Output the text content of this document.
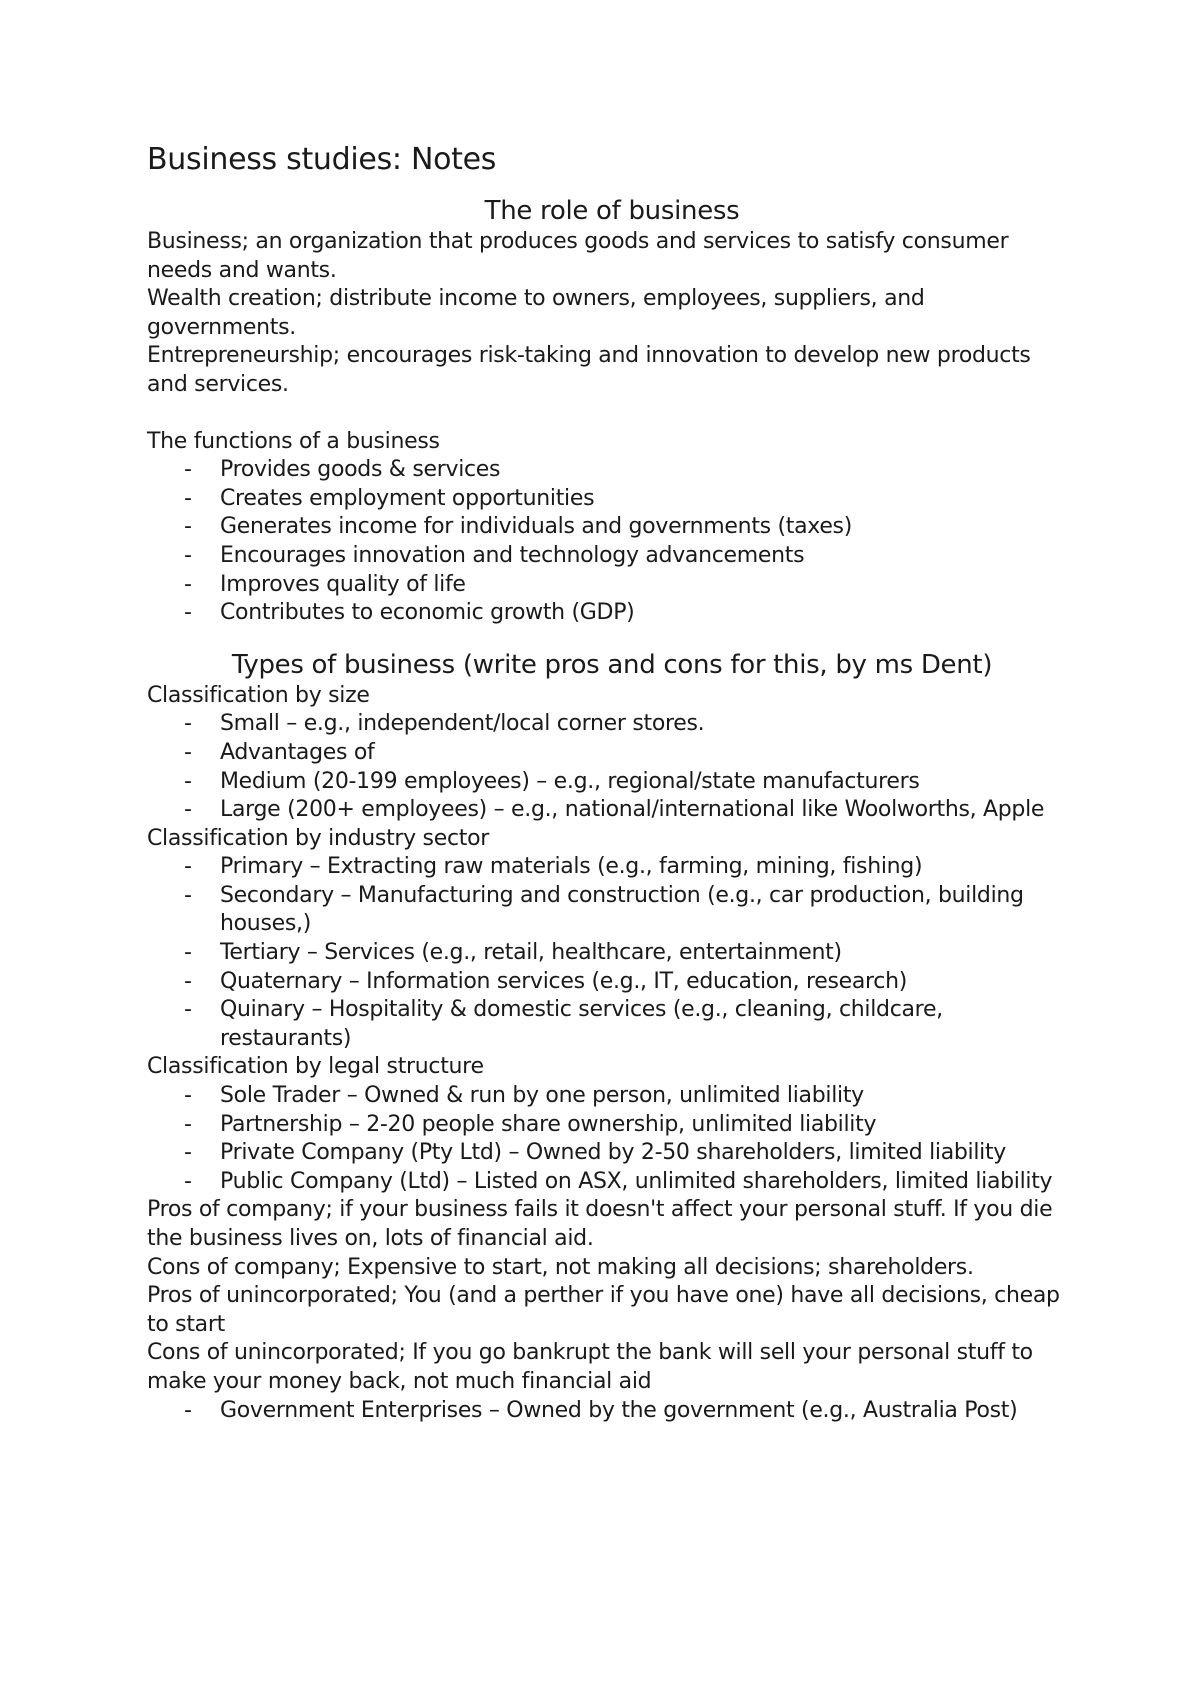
Business studies: Notes
The role of business

Business; an organization that produces goods and services to satisfy consumer needs and wants.

Wealth creation; distribute income to owners, employees, suppliers, and governments.

Entrepreneurship; encourages risk-taking and innovation to develop new products and services.

The functions of a business

- Provides goods & services
- Creates employment opportunities
- Generates income for individuals and governments (taxes)
- Encourages innovation and technology advancements
- Improves quality of life
- Contributes to economic growth (GDP)
Types of business (write pros and cons for this, by ms Dent)

Classification by size

- Small – e.g., independent/local corner stores.
- Advantages of
- Medium (20-199 employees) – e.g., regional/state manufacturers
- Large (200+ employees) – e.g., national/international like Woolworths, Apple

Classification by industry sector

- Primary – Extracting raw materials (e.g., farming, mining, fishing)
- Secondary – Manufacturing and construction (e.g., car production, building houses,)
- Tertiary – Services (e.g., retail, healthcare, entertainment)
- Quaternary – Information services (e.g., IT, education, research)
- Quinary – Hospitality & domestic services (e.g., cleaning, childcare, restaurants)

Classification by legal structure

- Sole Trader – Owned & run by one person, unlimited liability
- Partnership – 2-20 people share ownership, unlimited liability
- Private Company (Pty Ltd) – Owned by 2-50 shareholders, limited liability
- Public Company (Ltd) – Listed on ASX, unlimited shareholders, limited liability

Pros of company; if your business fails it doesn't affect your personal stuff. If you die the business lives on, lots of financial aid.

Cons of company; Expensive to start, not making all decisions; shareholders.

Pros of unincorporated; You (and a perther if you have one) have all decisions, cheap to start

Cons of unincorporated; If you go bankrupt the bank will sell your personal stuff to make your money back, not much financial aid

- Government Enterprises – Owned by the government (e.g., Australia Post)
